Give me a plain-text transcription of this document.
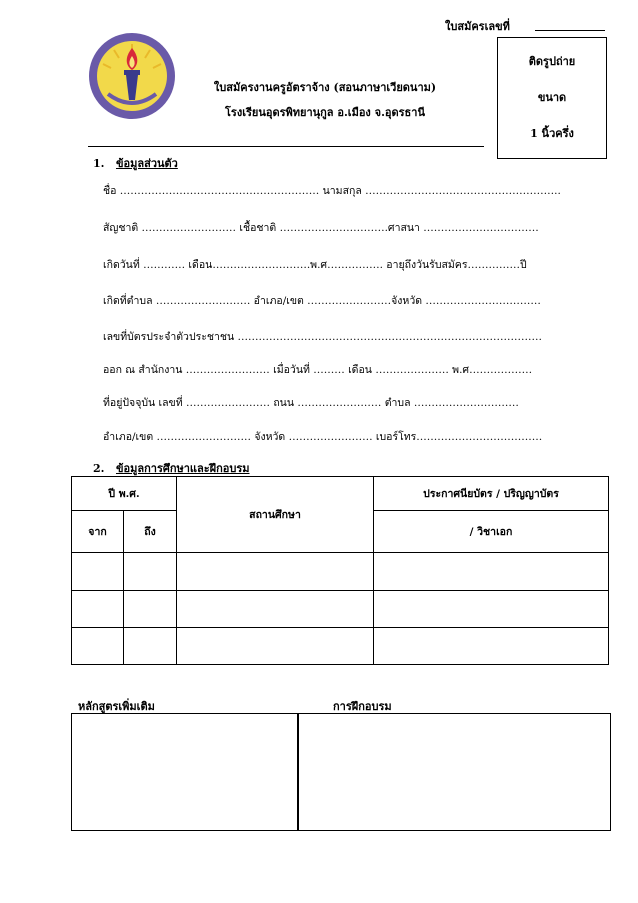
ใบสมัครเลขที่
ใบสมัครงานครูอัตราจ้าง (สอนภาษาเวียดนาม)
โรงเรียนอุดรพิทยานุกูล อ.เมือง จ.อุดรธานี
ติดรูปถ่าย
ขนาด
1 นิ้วครึ่ง
1. ข้อมูลส่วนตัว
ชื่อ ………………………………………………… นามสกุล ………………………………………………..
สัญชาติ ……………………… เชื้อชาติ ………………………….ศาสนา ……………………………
เกิดวันที่ ………… เดือน……………………….พ.ศ……………. อายุถึงวันรับสมัคร……………ปี
เกิดที่ตำบล ……………………… อำเภอ/เขต ……………………จังหวัด ……………………………
เลขที่บัตรประจำตัวประชาชน ……………………………………………………………………………
ออก ณ สำนักงาน …………………… เมื่อวันที่ ……… เดือน ………………… พ.ศ………………
ที่อยู่ปัจจุบัน เลขที่ …………………… ถนน …………………… ตำบล …………………………
อำเภอ/เขต ……………………… จังหวัด …………………… เบอร์โทร………………………………
2. ข้อมูลการศึกษาและฝึกอบรม
ปี พ.ศ.		สถานศึกษา	ประกาศนียบัตร / ปริญญาบัตร
จาก	ถึง		/ วิชาเอก

หลักสูตรเพิ่มเติม	การฝึกอบรม
